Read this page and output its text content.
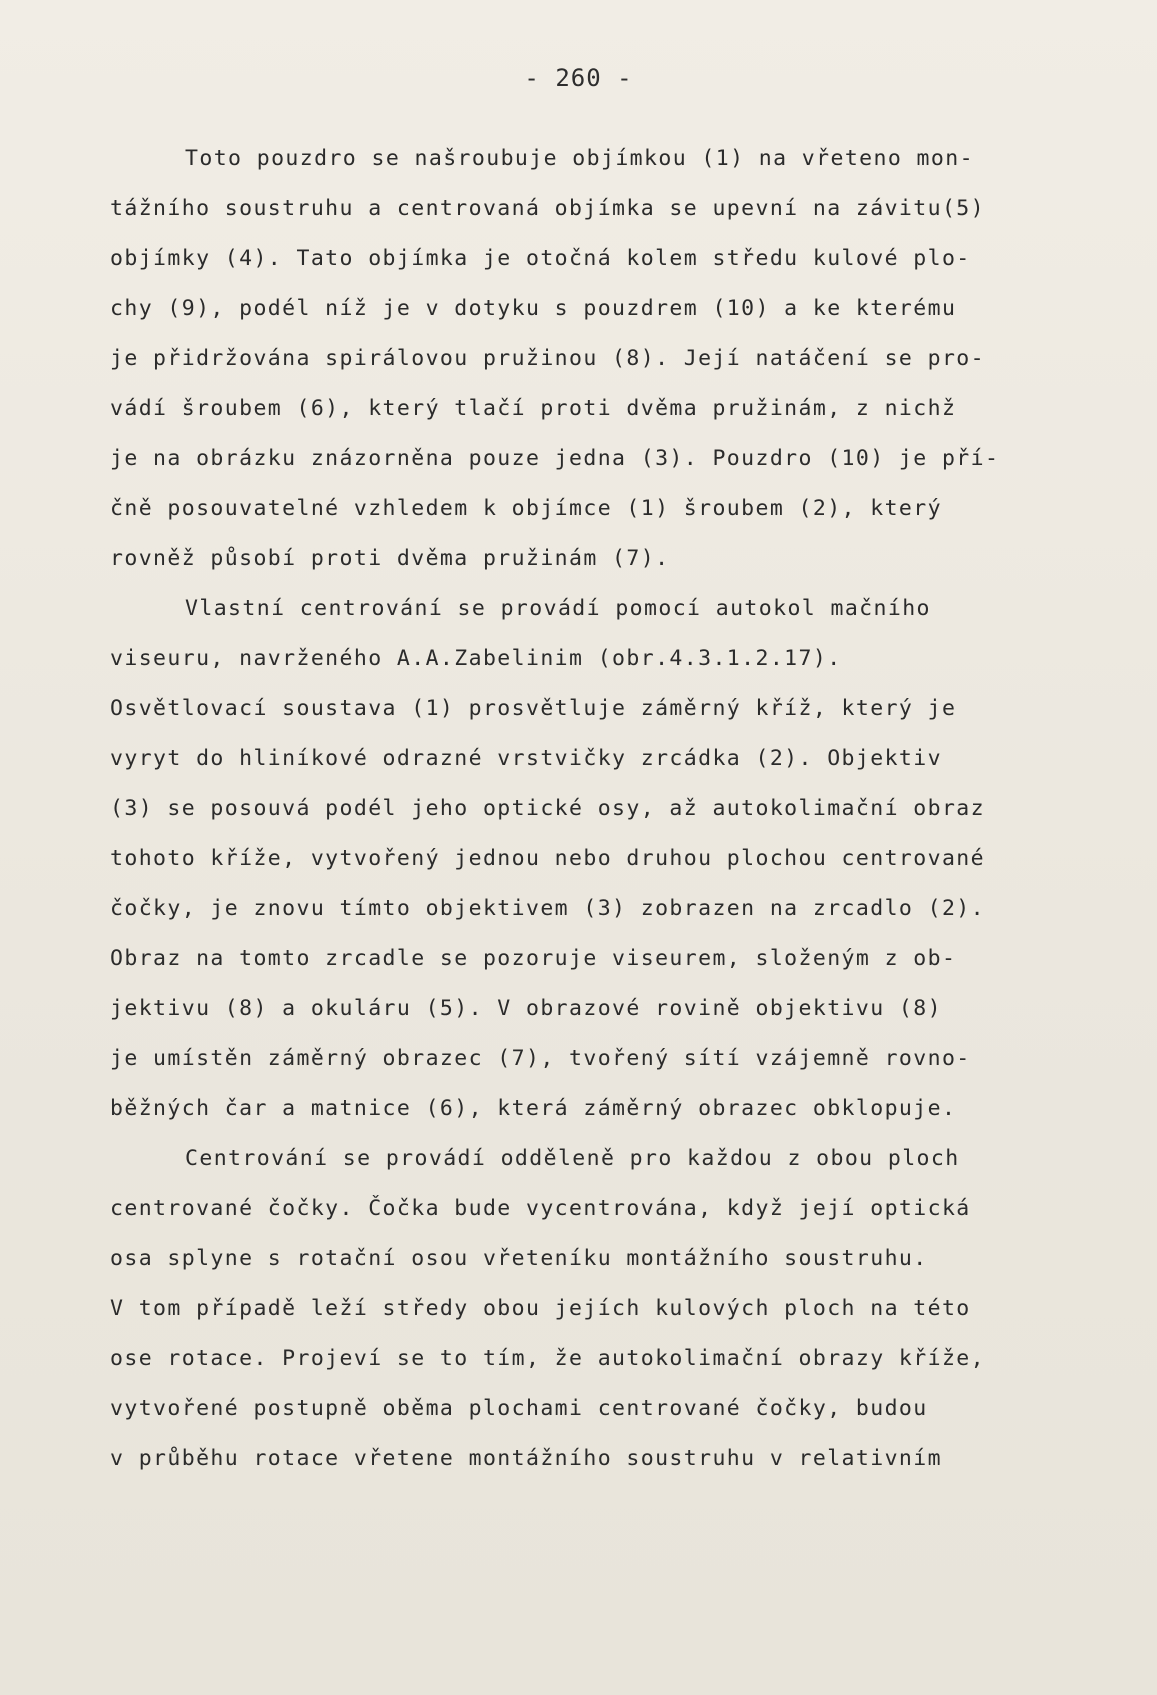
- 260 -
Toto pouzdro se našroubuje objímkou (1) na vřeteno mon-
tážního soustruhu a centrovaná objímka se upevní na závitu(5)
objímky (4). Tato objímka je otočná kolem středu kulové plo-
chy (9), podél níž je v dotyku s pouzdrem (10) a ke kterému
je přidržována spirálovou pružinou (8). Její natáčení se pro-
vádí šroubem (6), který tlačí proti dvěma pružinám, z nichž
je na obrázku znázorněna pouze jedna (3). Pouzdro (10) je pří-
čně posouvatelné vzhledem k objímce (1) šroubem (2), který
rovněž působí proti dvěma pružinám (7).
Vlastní centrování se provádí pomocí autokol mačního
viseuru, navrženého A.A.Zabelinim (obr.4.3.1.2.17).
Osvětlovací soustava (1) prosvětluje záměrný kříž, který je
vyryt do hliníkové odrazné vrstvičky zrcádka (2). Objektiv
(3) se posouvá podél jeho optické osy, až autokolimační obraz
tohoto kříže, vytvořený jednou nebo druhou plochou centrované
čočky, je znovu tímto objektivem (3) zobrazen na zrcadlo (2).
Obraz na tomto zrcadle se pozoruje viseurem, složeným z ob-
jektivu (8) a okuláru (5). V obrazové rovině objektivu (8)
je umístěn záměrný obrazec (7), tvořený sítí vzájemně rovno-
běžných čar a matnice (6), která záměrný obrazec obklopuje.
Centrování se provádí odděleně pro každou z obou ploch
centrované čočky. Čočka bude vycentrována, když její optická
osa splyne s rotační osou vřeteníku montážního soustruhu.
V tom případě leží středy obou jejích kulových ploch na této
ose rotace. Projeví se to tím, že autokolimační obrazy kříže,
vytvořené postupně oběma plochami centrované čočky, budou
v průběhu rotace vřetene montážního soustruhu v relativním
